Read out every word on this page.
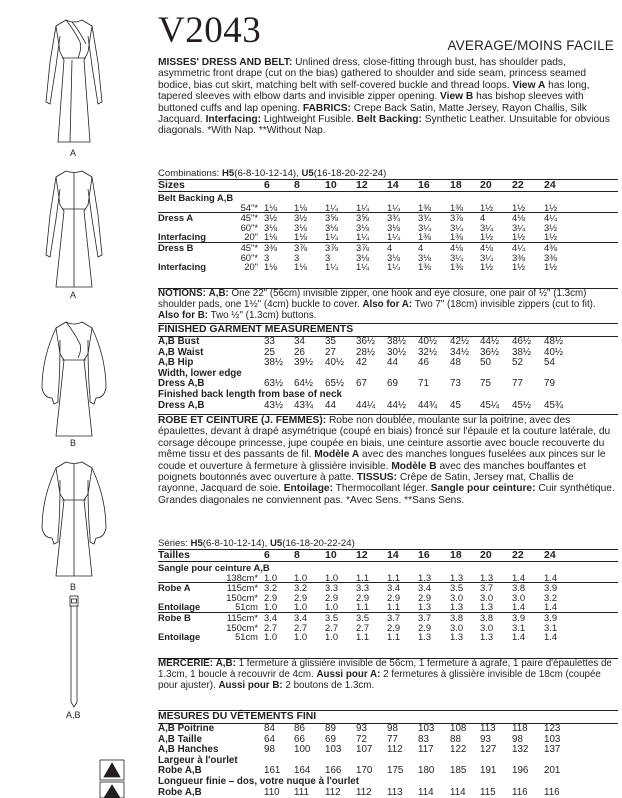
A
A
B
B
A,B
V2043	AVERAGE/MOINS FACILE
MISSES' DRESS AND BELT: Unlined dress, close-fitting through bust, has shoulder pads, asymmetric front drape (cut on the bias) gathered to shoulder and side seam, princess seamed bodice, bias cut skirt, matching belt with self-covered buckle and thread loops. View A has long, tapered sleeves with elbow darts and invisible zipper opening. View B has bishop sleeves with buttoned cuffs and lap opening. FABRICS: Crepe Back Satin, Matte Jersey, Rayon Challis, Silk Jacquard. Interfacing: Lightweight Fusible. Belt Backing: Synthetic Leather. Unsuitable for obvious diagonals. *With Nap. **Without Nap.
Combinations: H5(6-8-10-12-14), U5(16-18-20-22-24)
Sizes	6 8 10 12 14 16 18 20 22 24
Belt Backing A,B
54"* 1⅛ 1⅛ 1¼ 1¼ 1¼ 1⅜ 1⅜ 1½ 1½ 1½
Dress A	45"* 3½ 3½ 3⅝ 3⅝ 3¾ 3¾ 3⅞ 4	4⅛ 4¼
60"* 3⅛ 3⅛ 3⅛ 3⅛ 3⅛ 3¼ 3¼ 3¼ 3¼ 3½
Interfacing	20" 1⅛ 1⅛ 1¼ 1¼ 1¼ 1⅜ 1⅜ 1½ 1½ 1½
Dress B	45"* 3⅜ 3⅞ 3⅞ 3⅞ 4	4	4⅛ 4⅛ 4¼ 4⅜
60"* 3	3	3	3⅛ 3⅛ 3⅛ 3¼ 3¼ 3⅜ 3⅜
Interfacing	20" 1⅛ 1⅛ 1¼ 1¼ 1¼ 1⅜ 1⅜ 1½ 1½ 1½
NOTIONS: A,B: One 22" (56cm) invisible zipper, one hook and eye closure, one pair of ½" (1.3cm) shoulder pads, one 1½" (4cm) buckle to cover. Also for A: Two 7" (18cm) invisible zippers (cut to fit). Also for B: Two ½" (1.3cm) buttons.
FINISHED GARMENT MEASUREMENTS
A,B Bust	33 34 35 36½ 38½ 40½ 42½ 44½ 46½ 48½
A,B Waist	25 26 27 28½ 30½ 32½ 34½ 36½ 38½ 40½
A,B Hip	38½ 39½ 40½ 42 44 46 48 50 52 54
Width, lower edge
Dress A,B	63½ 64½ 65½ 67 69 71 73 75 77 79
Finished back length from base of neck
Dress A,B	43½ 43¾ 44 44¼ 44½ 44¾ 45 45¼ 45½ 45¾
ROBE ET CEINTURE (J. FEMMES): Robe non doublée, moulante sur la poitrine, avec des épaulettes, devant à drapé asymétrique (coupé en biais) froncé sur l'épaule et la couture latérale, du corsage découpe princesse, jupe coupée en biais, une ceinture assortie avec boucle recouverte du même tissu et des passants de fil. Modèle A avec des manches longues fuselées aux pinces sur le coude et ouverture à fermeture à glissière invisible. Modèle B avec des manches bouffantes et poignets boutonnés avec ouverture à patte. TISSUS: Crêpe de Satin, Jersey mat, Challis de rayonne, Jacquard de soie. Entoilage: Thermocollant léger. Sangle pour ceinture: Cuir synthétique. Grandes diagonales ne conviennent pas. *Avec Sens. **Sans Sens.
Séries: H5(6-8-10-12-14), U5(16-18-20-22-24)
Tailles	6 8 10 12 14 16 18 20 22 24
Sangle pour ceinture A,B
138cm* 1.0 1.0 1.0 1.1 1.1 1.3 1.3 1.3 1.4 1.4
Robe A	115cm* 3.2 3.2 3.3 3.3 3.4 3.4 3.5 3.7 3.8 3.9
150cm* 2.9 2.9 2.9 2.9 2.9 2.9 3.0 3.0 3.0 3.2
Entoilage	51cm 1.0 1.0 1.0 1.1 1.1 1.3 1.3 1.3 1.4 1.4
Robe B	115cm* 3.4 3.4 3.5 3.5 3.7 3.7 3.8 3.8 3.9 3.9
150cm* 2.7 2.7 2.7 2.7 2.9 2.9 3.0 3.0 3.1 3.1
Entoilage	51cm 1.0 1.0 1.0 1.1 1.1 1.3 1.3 1.3 1.4 1.4
MERCERIE: A,B: 1 fermeture à glissière invisible de 56cm, 1 fermeture à agrafe, 1 paire d'épaulettes de 1.3cm, 1 boucle à recouvrir de 4cm. Aussi pour A: 2 fermetures à glissière invisible de 18cm (coupée pour ajuster). Aussi pour B: 2 boutons de 1.3cm.
MESURES DU VÊTEMENTS FINI
A,B Poitrine	84 86 89 93 98 103 108 113 118 123
A,B Taille	64 66 69 72 77 83 88 93 98 103
A,B Hanches	98 100 103 107 112 117 122 127 132 137
Largeur à l'ourlet
Robe A,B	161 164 166 170 175 180 185 191 196 201
Longueur finie – dos, votre nuque à l'ourlet
Robe A,B	110 111 112 112 113 114 114 115 116 116
